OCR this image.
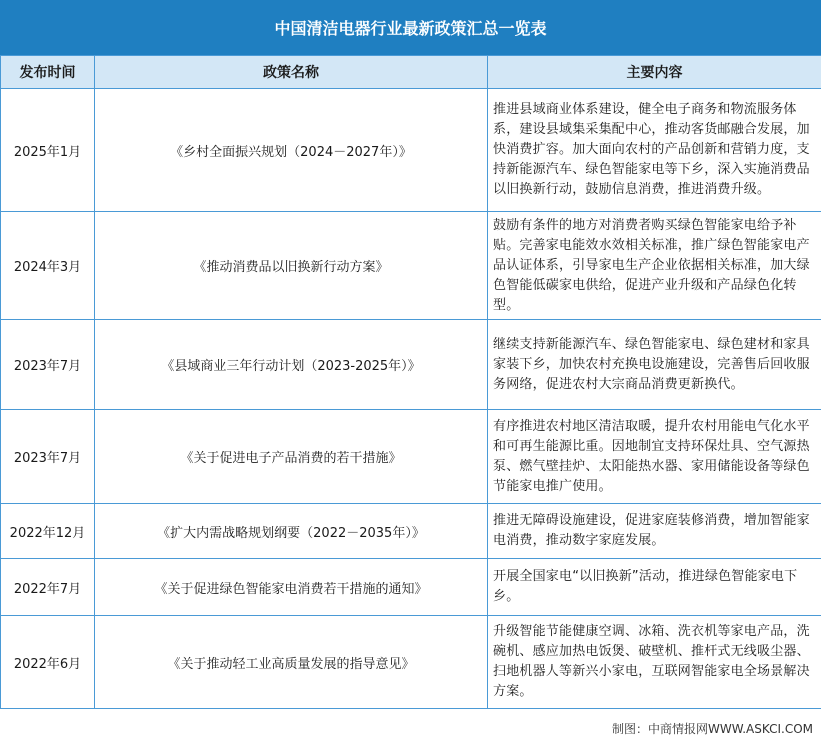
中国清洁电器行业最新政策汇总一览表
发布时间	政策名称	主要内容
2025年1月	《乡村全面振兴规划（2024－2027年）》	推进县域商业体系建设，健全电子商务和物流服务体系，建设县域集采集配中心，推动客货邮融合发展，加快消费扩容。加大面向农村的产品创新和营销力度，支持新能源汽车、绿色智能家电等下乡，深入实施消费品以旧换新行动，鼓励信息消费，推进消费升级。
2024年3月	《推动消费品以旧换新行动方案》	鼓励有条件的地方对消费者购买绿色智能家电给予补贴。完善家电能效水效相关标准，推广绿色智能家电产品认证体系，引导家电生产企业依据相关标准，加大绿色智能低碳家电供给，促进产业升级和产品绿色化转型。
2023年7月	《县域商业三年行动计划（2023-2025年）》	继续支持新能源汽车、绿色智能家电、绿色建材和家具家装下乡，加快农村充换电设施建设，完善售后回收服务网络，促进农村大宗商品消费更新换代。
2023年7月	《关于促进电子产品消费的若干措施》	有序推进农村地区清洁取暖，提升农村用能电气化水平和可再生能源比重。因地制宜支持环保灶具、空气源热泵、燃气壁挂炉、太阳能热水器、家用储能设备等绿色节能家电推广使用。
2022年12月	《扩大内需战略规划纲要（2022－2035年）》	推进无障碍设施建设，促进家庭装修消费，增加智能家电消费，推动数字家庭发展。
2022年7月	《关于促进绿色智能家电消费若干措施的通知》	开展全国家电“以旧换新”活动，推进绿色智能家电下乡。
2022年6月	《关于推动轻工业高质量发展的指导意见》	升级智能节能健康空调、冰箱、洗衣机等家电产品，洗碗机、感应加热电饭煲、破壁机、推杆式无线吸尘器、扫地机器人等新兴小家电，互联网智能家电全场景解决方案。
制图：中商情报网WWW.ASKCI.COM
